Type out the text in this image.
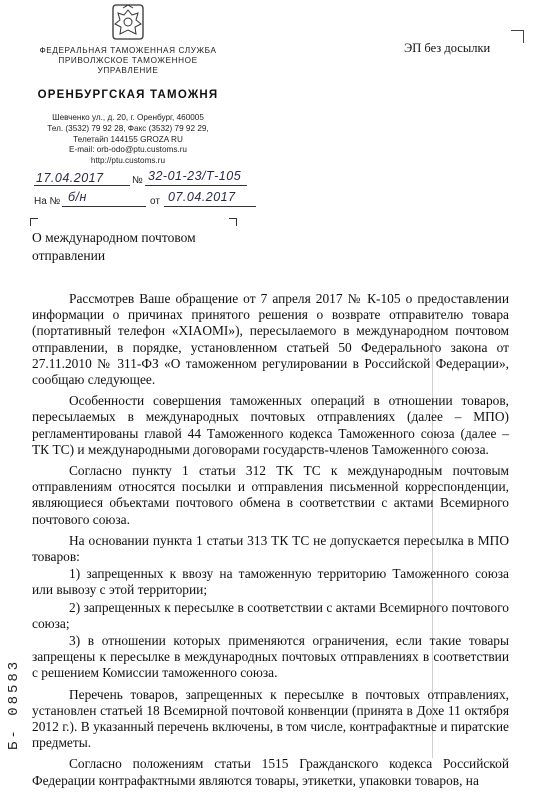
ЭП без досылки
ФЕДЕРАЛЬНАЯ ТАМОЖЕННАЯ СЛУЖБА
ПРИВОЛЖСКОЕ ТАМОЖЕННОЕ
УПРАВЛЕНИЕ
ОРЕНБУРГСКАЯ ТАМОЖНЯ
Шевченко ул., д. 20, г. Оренбург, 460005
Тел. (3532) 79 92 28, Факс (3532) 79 92 29,
Телетайп 144155 GROZA RU
E-mail: orb-odo@ptu.customs.ru
http://ptu.customs.ru
17.04.2017	№ 32-01-23/Т-105
На № б/н	от 07.04.2017
О международном почтовом
отправлении

Рассмотрев Ваше обращение от 7 апреля 2017 № К-105 о предоставлении информации о причинах принятого решения о возврате отправителю товара (портативный телефон «XIAOMI»), пересылаемого в международном почтовом отправлении, в порядке, установленном статьей 50 Федерального закона от 27.11.2010 № 311-ФЗ «О таможенном регулировании в Российской Федерации», сообщаю следующее.

Особенности совершения таможенных операций в отношении товаров, пересылаемых в международных почтовых отправлениях (далее – МПО) регламентированы главой 44 Таможенного кодекса Таможенного союза (далее – ТК ТС) и международными договорами государств-членов Таможенного союза.

Согласно пункту 1 статьи 312 ТК ТС к международным почтовым отправлениям относятся посылки и отправления письменной корреспонденции, являющиеся объектами почтового обмена в соответствии с актами Всемирного почтового союза.

На основании пункта 1 статьи 313 ТК ТС не допускается пересылка в МПО товаров:

1) запрещенных к ввозу на таможенную территорию Таможенного союза или вывозу с этой территории;

2) запрещенных к пересылке в соответствии с актами Всемирного почтового союза;

3) в отношении которых применяются ограничения, если такие товары запрещены к пересылке в международных почтовых отправлениях в соответствии с решением Комиссии таможенного союза.

Перечень товаров, запрещенных к пересылке в почтовых отправлениях, установлен статьей 18 Всемирной почтовой конвенции (принята в Дохе 11 октября 2012 г.). В указанный перечень включены, в том числе, контрафактные и пиратские предметы.

Согласно положениям статьи 1515 Гражданского кодекса Российской Федерации контрафактными являются товары, этикетки, упаковки товаров, на

Б- 08583
